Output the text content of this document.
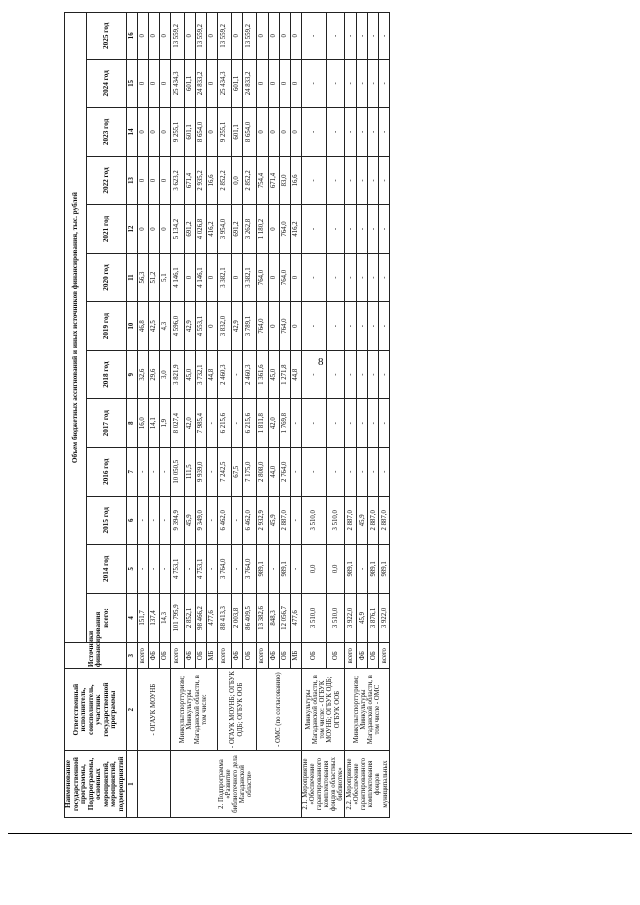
8
Наименование государственной программы, Подпрограммы, основных мероприятий, мероприятий, подмероприятий	Ответственный исполнитель, соисполнитель, участник государственной программы	Источники финансирования	Объем бюджетных ассигнований и иных источников финансирования, тыс. рублей												
			всего:	2014 год	2015 год	2016 год	2017 год	2018 год	2019 год	2020 год	2021 год	2022 год	2023 год	2024 год	2025 год
1	2	3	4	5	6	7	8	9	10	11	12	13	14	15	16
	- ОГАУК МОУНБ	всего	151,7	-	-	-	16,0	32,6	46,8	56,3	0	0	0	0	0
		ФБ	137,4	-	-	-	14,1	29,6	42,5	51,2	0	0	0	0	0
		ОБ	14,3	-	-	-	1,9	3,0	4,3	5,1	0	0	0	0	0
2. Подпрограмма «Развитие библиотечного дела Магаданской области»	Минкультспорттуризм; Минкультуры Магаданской области, в том числе:	всего	101 795,9	4 753,1	9 394,9	10 050,5	8 027,4	3 821,9	4 596,0	4 146,1	5 134,2	3 623,2	9 255,1	25 434,3	13 559,2
		ФБ	2 852,1	-	45,9	111,5	42,0	45,0	42,9	0	691,2	671,4	601,1	601,1	0
		ОБ	98 466,2	4 753,1	9 349,0	9 939,0	7 985,4	3 732,1	4 553,1	4 146,1	4 026,8	2 935,2	8 654,0	24 833,2	13 559,2
		МБ	477,6	-	-	-	-	44,8	0	0	416,2	16,6	0	0	0
	- ОГАУК МОУНБ; ОГБУК ОДБ; ОГБУК ООБ	всего	88 413,3	3 764,0	6 462,0	7 242,5	6 215,6	2 460,3	3 832,0	3 382,1	3 954,0	2 852,2	9 255,1	25 434,3	13 559,2
		ФБ	2 003,8	-	-	67,5	-	-	42,9	0	691,2	0,0	601,1	601,1	0
		ОБ	86 409,5	3 764,0	6 462,0	7 175,0	6 215,6	2 460,3	3 789,1	3 382,1	3 262,8	2 852,2	8 654,0	24 833,2	13 559,2
	- ОМС (по согласованию)	всего	13 382,6	989,1	2 932,9	2 808,0	1 811,8	1 361,6	764,0	764,0	1 180,2	754,4	0	0	0
		ФБ	848,3	-	45,9	44,0	42,0	45,0	0	0	0	671,4	0	0	0
		ОБ	12 056,7	989,1	2 887,0	2 764,0	1 769,8	1 271,8	764,0	764,0	764,0	83,0	0	0	0
		МБ	477,6	-	-	-	-	44,8	0	0	416,2	16,6	0	0	0
2.1. Мероприятие «Обеспечение гарантированного комплектования фондов областных библиотек»	Минкультуры Магаданской области, в том числе: - ОГБУК МОУНБ; ОГБУК ОДБ; ОГБУК ООБ	ОБ	3 510,0	0,0	3 510,0	-	-	-	-	-	-	-	-	-	-
		ОБ	3 510,0	0,0	3 510,0	-	-	-	-	-	-	-	-	-	-
2.2. Мероприятие «Обеспечение гарантированного комплектования фондов муниципальных	Минкультспорттуризм; Минкультуры Магаданской области, в том числе - ОМС	всего	3 922,0	989,1	2 887,0	-	-	-	-	-	-	-	-	-	-
		ФБ	45,9	-	45,9	-	-	-	-	-	-	-	-	-	-
		ОБ	3 876,1	989,1	2 887,0	-	-	-	-	-	-	-	-	-	-
		всего	3 922,0	989,1	2 887,0	-	-	-	-	-	-	-	-	-	-
